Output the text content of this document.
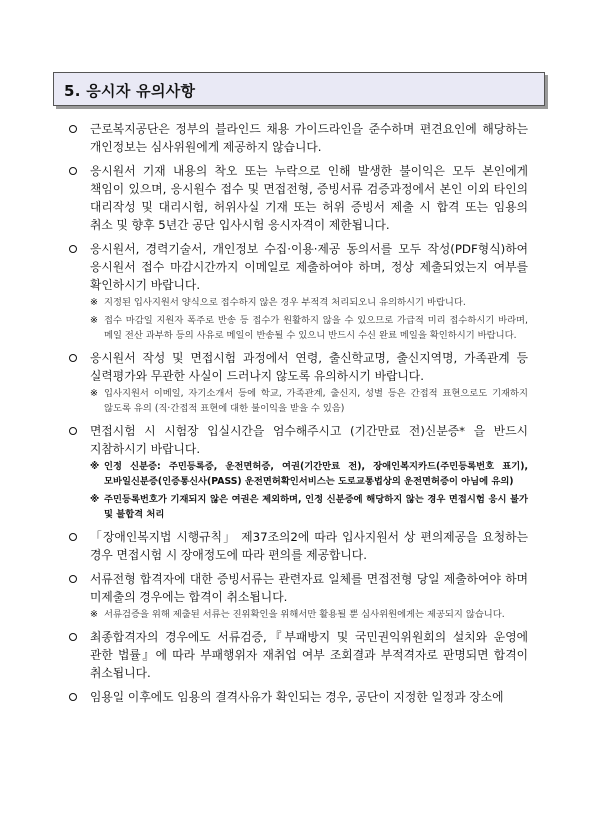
5. 응시자 유의사항
근로복지공단은 정부의 블라인드 채용 가이드라인을 준수하며 편견요인에 해당하는 개인정보는 심사위원에게 제공하지 않습니다.
응시원서 기재 내용의 착오 또는 누락으로 인해 발생한 불이익은 모두 본인에게 책임이 있으며, 응시원수 접수 및 면접전형, 증빙서류 검증과정에서 본인 이외 타인의 대리작성 및 대리시험, 허위사실 기재 또는 허위 증빙서 제출 시 합격 또는 임용의 취소 및 향후 5년간 공단 입사시험 응시자격이 제한됩니다.
응시원서, 경력기술서, 개인정보 수집·이용·제공 동의서를 모두 작성(PDF형식)하여 응시원서 접수 마감시간까지 이메일로 제출하여야 하며, 정상 제출되었는지 여부를 확인하시기 바랍니다.
※ 지정된 입사지원서 양식으로 접수하지 않은 경우 부적격 처리되오니 유의하시기 바랍니다.
※ 접수 마감일 지원자 폭주로 반송 등 접수가 원활하지 않을 수 있으므로 가급적 미리 접수하시기 바라며, 메일 전산 과부하 등의 사유로 메일이 반송될 수 있으니 반드시 수신 완료 메일을 확인하시기 바랍니다.
응시원서 작성 및 면접시험 과정에서 연령, 출신학교명, 출신지역명, 가족관계 등 실력평가와 무관한 사실이 드러나지 않도록 유의하시기 바랍니다.
※ 입사지원서 이메일, 자기소개서 등에 학교, 가족관계, 출신지, 성별 등은 간접적 표현으로도 기재하지 않도록 유의 (직·간접적 표현에 대한 불이익을 받을 수 있음)
면접시험 시 시험장 입실시간을 엄수해주시고 (기간만료 전)신분증* 을 반드시 지참하시기 바랍니다.
※ 인정 신분증: 주민등록증, 운전면허증, 여권(기간만료 전), 장애인복지카드(주민등록번호 표기), 모바일신분증(인증통신사(PASS) 운전면허확인서비스는 도로교통법상의 운전면허증이 아님에 유의)
※ 주민등록번호가 기재되지 않은 여권은 제외하며, 인정 신분증에 해당하지 않는 경우 면접시험 응시 불가 및 불합격 처리
「장애인복지법 시행규칙」 제37조의2에 따라 입사지원서 상 편의제공을 요청하는 경우 면접시험 시 장애정도에 따라 편의를 제공합니다.
서류전형 합격자에 대한 증빙서류는 관련자료 일체를 면접전형 당일 제출하여야 하며 미제출의 경우에는 합격이 취소됩니다.
※ 서류검증을 위해 제출된 서류는 진위확인을 위해서만 활용될 뿐 심사위원에게는 제공되지 않습니다.
최종합격자의 경우에도 서류검증,『부패방지 및 국민권익위원회의 설치와 운영에 관한 법률』에 따라 부패행위자 재취업 여부 조회결과 부적격자로 판명되면 합격이 취소됩니다.
임용일 이후에도 임용의 결격사유가 확인되는 경우, 공단이 지정한 일정과 장소에
